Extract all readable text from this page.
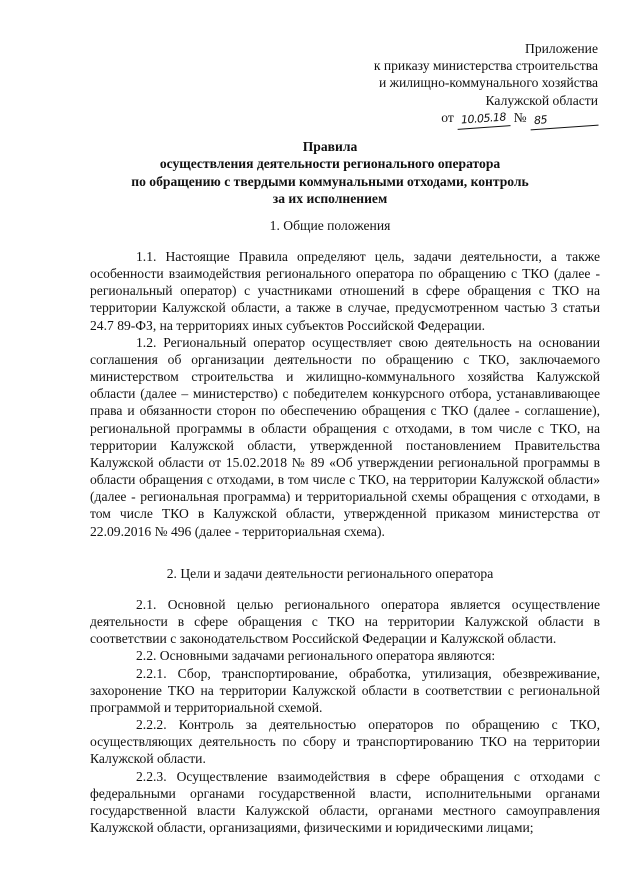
Приложение
к приказу министерства строительства
и жилищно-коммунального хозяйства
Калужской области
от 10.05.18 № 85
Правила
осуществления деятельности регионального оператора
по обращению с твердыми коммунальными отходами, контроль
за их исполнением
1. Общие положения

1.1. Настоящие Правила определяют цель, задачи деятельности, а также особенности взаимодействия регионального оператора по обращению с ТКО (далее - региональный оператор) с участниками отношений в сфере обращения с ТКО на территории Калужской области, а также в случае, предусмотренном частью 3 статьи 24.7 89-ФЗ, на территориях иных субъектов Российской Федерации.

1.2. Региональный оператор осуществляет свою деятельность на основании соглашения об организации деятельности по обращению с ТКО, заключаемого министерством строительства и жилищно-коммунального хозяйства Калужской области (далее – министерство) с победителем конкурсного отбора, устанавливающее права и обязанности сторон по обеспечению обращения с ТКО (далее - соглашение), региональной программы в области обращения с отходами, в том числе с ТКО, на территории Калужской области, утвержденной постановлением Правительства Калужской области от 15.02.2018 № 89 «Об утверждении региональной программы в области обращения с отходами, в том числе с ТКО, на территории Калужской области» (далее - региональная программа) и территориальной схемы обращения с отходами, в том числе ТКО в Калужской области, утвержденной приказом министерства от 22.09.2016 № 496 (далее - территориальная схема).

2. Цели и задачи деятельности регионального оператора

2.1. Основной целью регионального оператора является осуществление деятельности в сфере обращения с ТКО на территории Калужской области в соответствии с законодательством Российской Федерации и Калужской области.

2.2. Основными задачами регионального оператора являются:

2.2.1. Сбор, транспортирование, обработка, утилизация, обезвреживание, захоронение ТКО на территории Калужской области в соответствии с региональной программой и территориальной схемой.

2.2.2. Контроль за деятельностью операторов по обращению с ТКО, осуществляющих деятельность по сбору и транспортированию ТКО на территории Калужской области.

2.2.3. Осуществление взаимодействия в сфере обращения с отходами с федеральными органами государственной власти, исполнительными органами государственной власти Калужской области, органами местного самоуправления Калужской области, организациями, физическими и юридическими лицами;
